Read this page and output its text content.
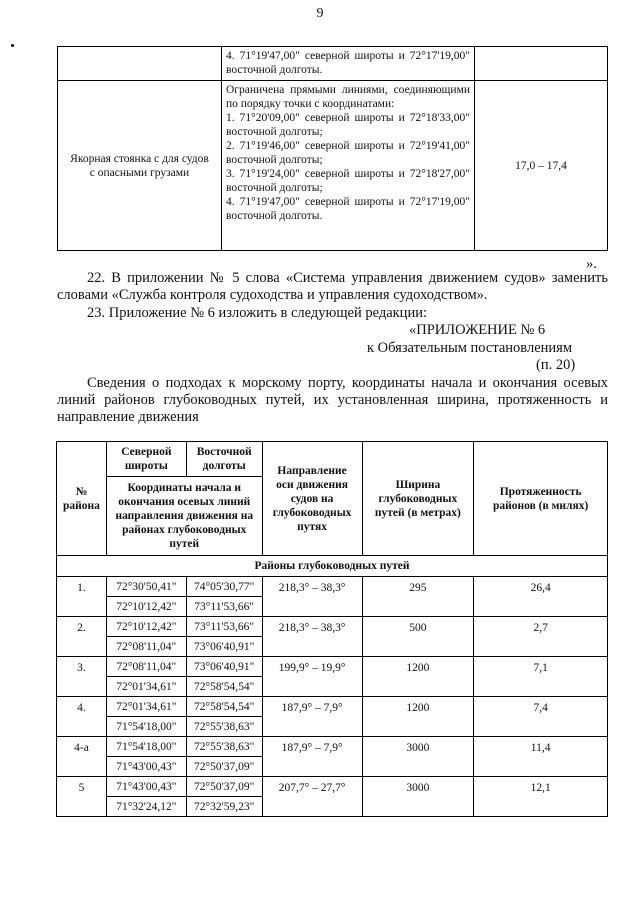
9

	4. 71°19'47,00" северной широты и 72°17'19,00" восточной долготы.	

Якорная стоянка с для судов с опасными грузами	Ограничена прямыми линиями, соединяющими по порядку точки с координатами:
1. 71°20'09,00" северной широты и 72°18'33,00" восточной долготы;
2. 71°19'46,00" северной широты и 72°19'41,00" восточной долготы;
3. 71°19'24,00" северной широты и 72°18'27,00" восточной долготы;
4. 71°19'47,00" северной широты и 72°17'19,00" восточной долготы.	17,0 – 17,4
».
22. В приложении № 5 слова «Система управления движением судов» заменить словами «Служба контроля судоходства и управления судоходством».
23. Приложение № 6 изложить в следующей редакции:
«ПРИЛОЖЕНИЕ № 6
к Обязательным постановлениям
(п. 20)
Сведения о подходах к морскому порту, координаты начала и окончания осевых линий районов глубоководных путей, их установленная ширина, протяженность и направление движения
№ района	Северной широты	Восточной долготы	Направление оси движения судов на глубоководных путях	Ширина глубоководных путей (в метрах)	Протяженность районов (в милях)
	Координаты начала и окончания осевых линий направления движения на районах глубоководных путей				
Районы глубоководных путей					
1.	72°30'50,41"	74°05'30,77"	218,3° – 38,3°	295	26,4
	72°10'12,42"	73°11'53,66"			
2.	72°10'12,42"	73°11'53,66"	218,3° – 38,3°	500	2,7
	72°08'11,04"	73°06'40,91"			
3.	72°08'11,04"	73°06'40,91"	199,9° – 19,9°	1200	7,1
	72°01'34,61"	72°58'54,54"			
4.	72°01'34,61"	72°58'54,54"	187,9° – 7,9°	1200	7,4
	71°54'18,00"	72°55'38,63"			
4-а	71°54'18,00"	72°55'38,63"	187,9° – 7,9°	3000	11,4
	71°43'00,43"	72°50'37,09"			
5	71°43'00,43"	72°50'37,09"	207,7° – 27,7°	3000	12,1
	71°32'24,12"	72°32'59,23"			
